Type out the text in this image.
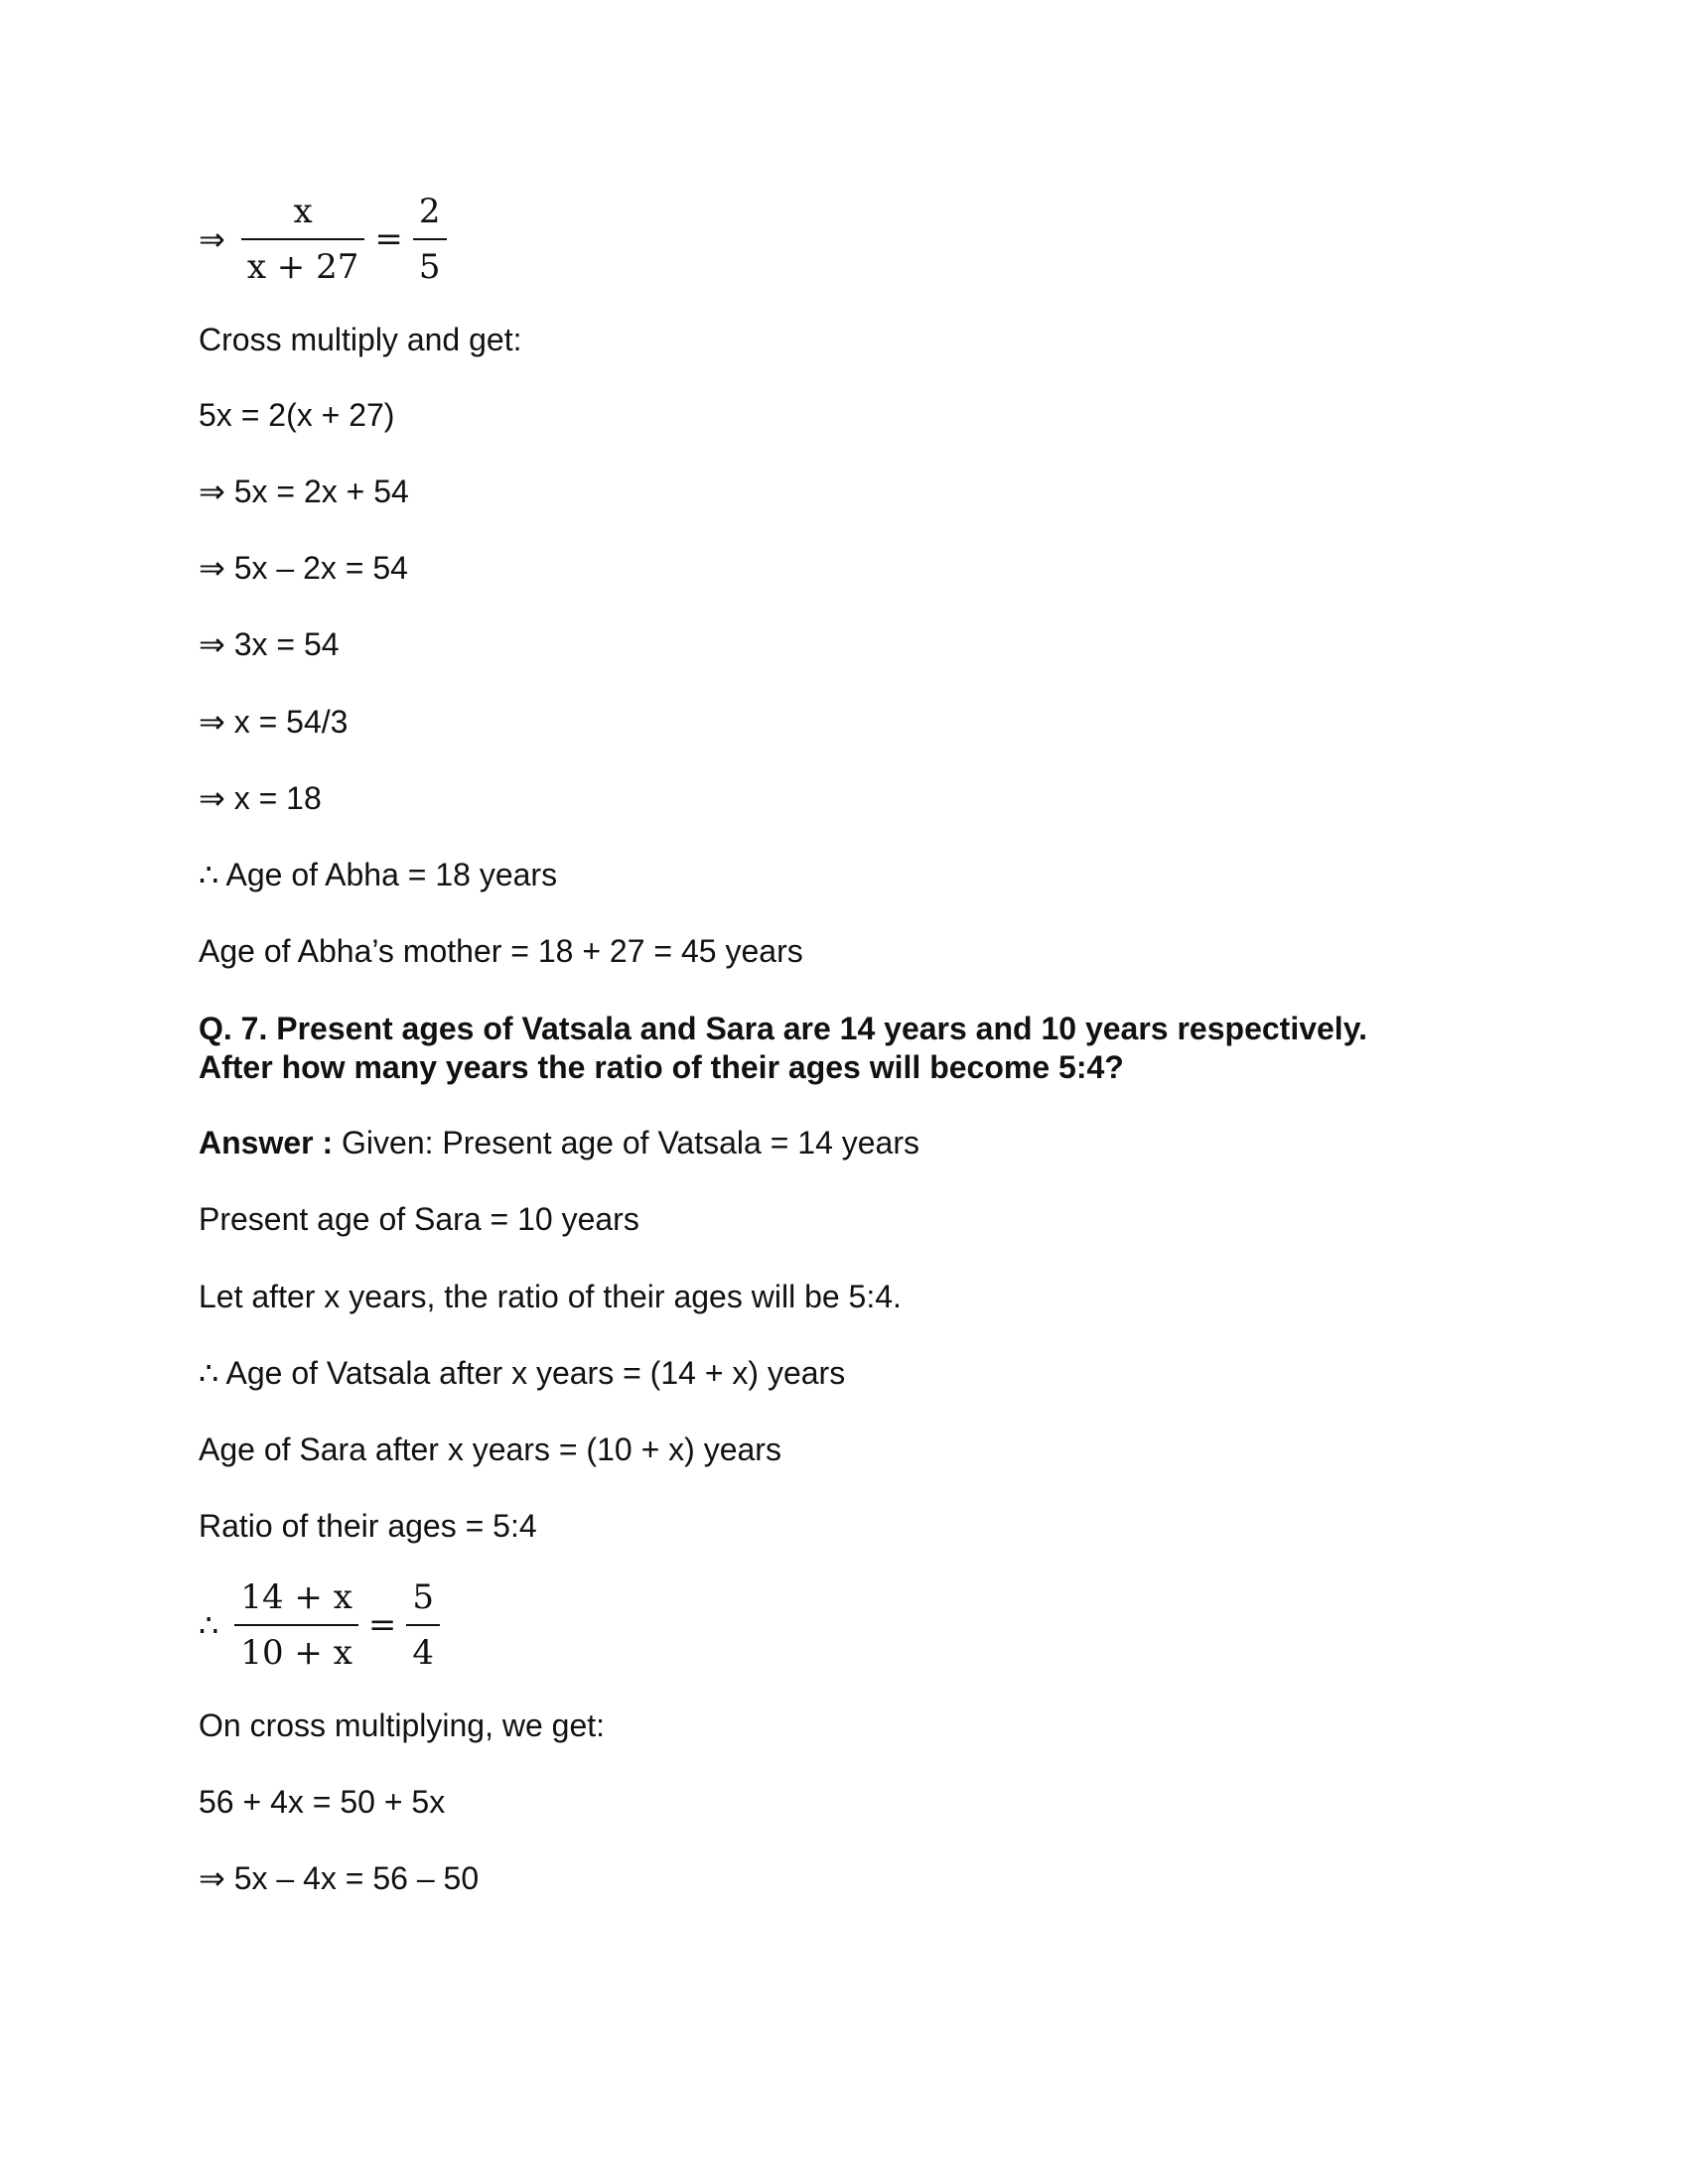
⇒ $\frac{x}{x + 27} = \frac{2}{5}$
Cross multiply and get:
5x = 2(x + 27)
⇒ 5x = 2x + 54
⇒ 5x – 2x = 54
⇒ 3x = 54
⇒ x = 54/3
⇒ x = 18
∴ Age of Abha = 18 years
Age of Abha’s mother = 18 + 27 = 45 years
Q. 7. Present ages of Vatsala and Sara are 14 years and 10 years respectively.
After how many years the ratio of their ages will become 5:4?
Answer : Given: Present age of Vatsala = 14 years
Present age of Sara = 10 years
Let after x years, the ratio of their ages will be 5:4.
∴ Age of Vatsala after x years = (14 + x) years
Age of Sara after x years = (10 + x) years
Ratio of their ages = 5:4
∴ $\frac{14 + x}{10 + x} = \frac{5}{4}$
On cross multiplying, we get:
56 + 4x = 50 + 5x
⇒ 5x – 4x = 56 – 50
